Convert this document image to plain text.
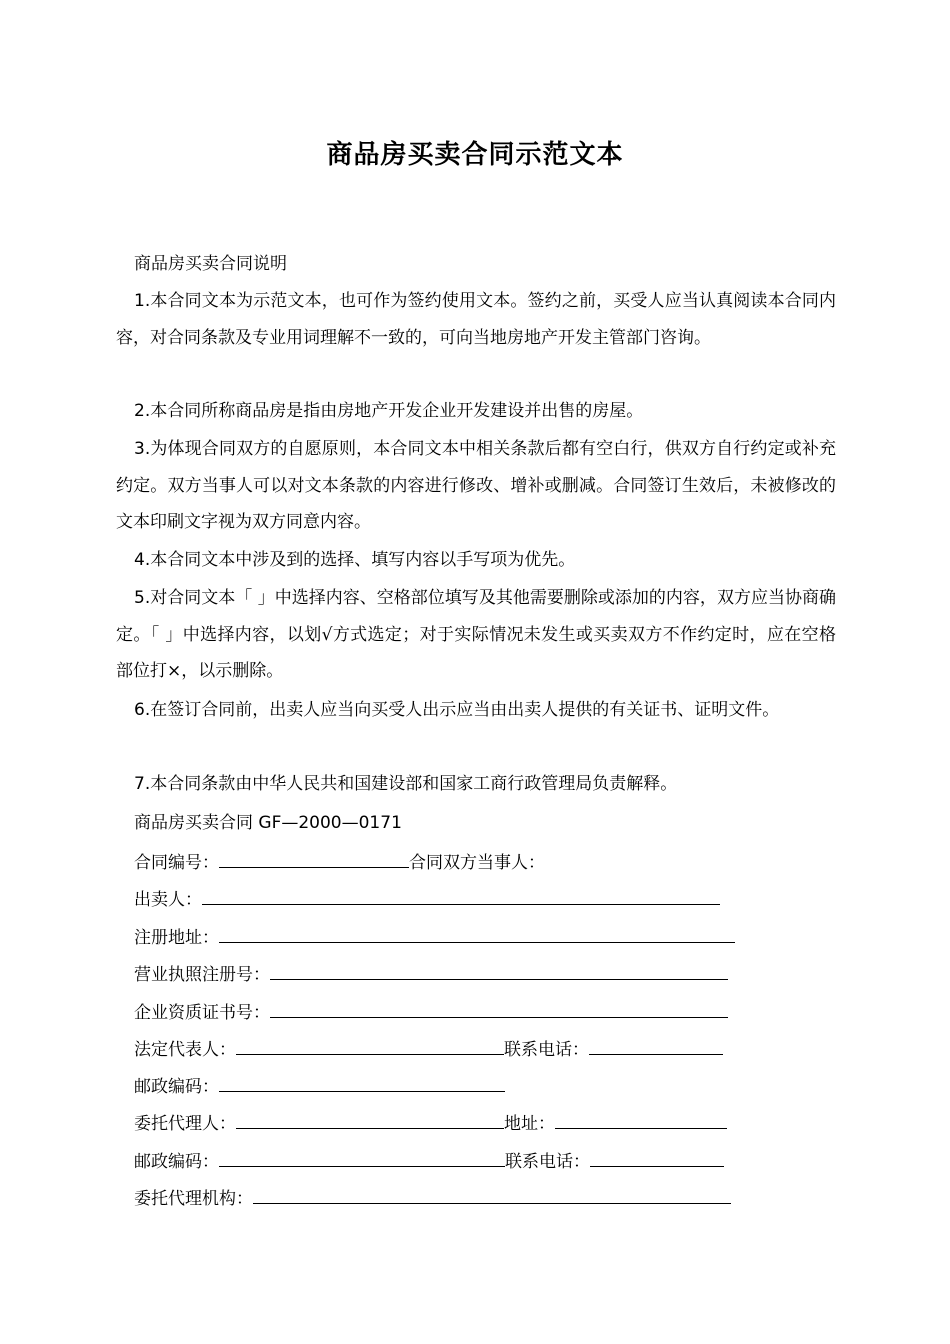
商品房买卖合同示范文本
商品房买卖合同说明
1.本合同文本为示范文本，也可作为签约使用文本。签约之前，买受人应当认真阅读本合同内容，对合同条款及专业用词理解不一致的，可向当地房地产开发主管部门咨询。
2.本合同所称商品房是指由房地产开发企业开发建设并出售的房屋。
3.为体现合同双方的自愿原则，本合同文本中相关条款后都有空白行，供双方自行约定或补充约定。双方当事人可以对文本条款的内容进行修改、增补或删减。合同签订生效后，未被修改的文本印刷文字视为双方同意内容。
4.本合同文本中涉及到的选择、填写内容以手写项为优先。
5.对合同文本「 」中选择内容、空格部位填写及其他需要删除或添加的内容，双方应当协商确定。「 」中选择内容，以划√方式选定；对于实际情况未发生或买卖双方不作约定时，应在空格部位打×，以示删除。
6.在签订合同前，出卖人应当向买受人出示应当由出卖人提供的有关证书、证明文件。
7.本合同条款由中华人民共和国建设部和国家工商行政管理局负责解释。
商品房买卖合同 GF—2000—0171
合同编号：	合同双方当事人：
出卖人：
注册地址：
营业执照注册号：
企业资质证书号：
法定代表人：	联系电话：
邮政编码：
委托代理人：	地址：
邮政编码：	联系电话：
委托代理机构：
